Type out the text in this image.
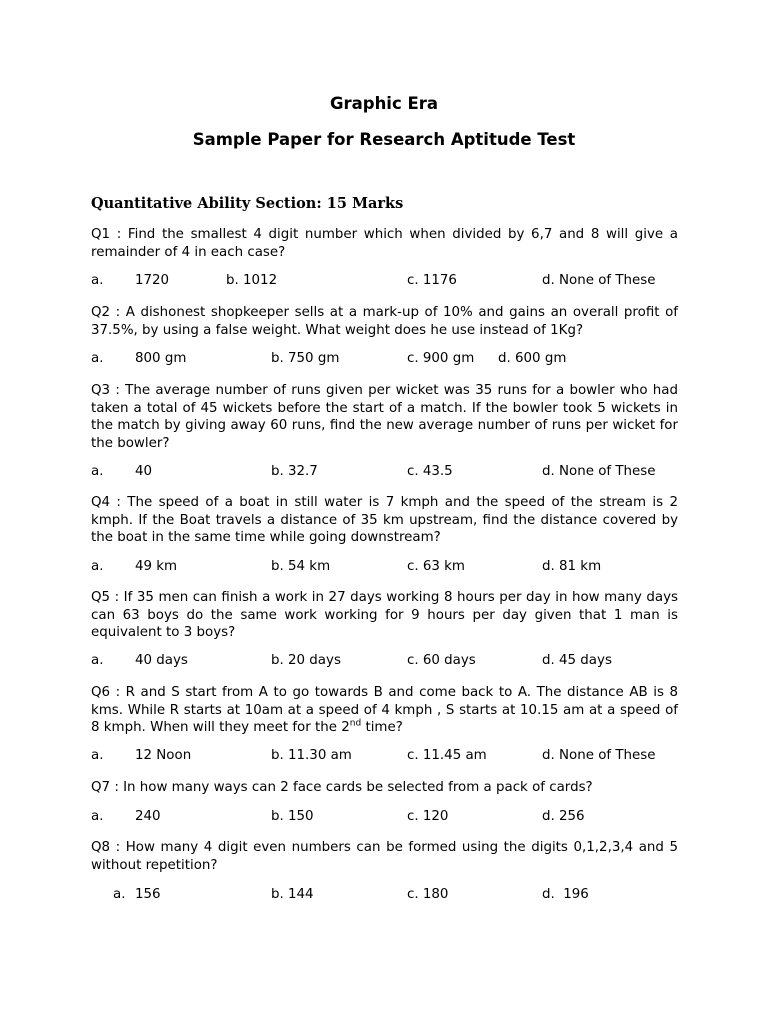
Graphic Era
Sample Paper for Research Aptitude Test
Quantitative Ability Section: 15 Marks
Q1 : Find the smallest 4 digit number which when divided by 6,7 and 8 will give a remainder of 4 in each case?
a. 1720	b. 1012	c. 1176	d. None of These
Q2 : A dishonest shopkeeper sells at a mark-up of 10% and gains an overall profit of 37.5%, by using a false weight. What weight does he use instead of 1Kg?
a. 800 gm	b. 750 gm	c. 900 gm d. 600 gm
Q3 : The average number of runs given per wicket was 35 runs for a bowler who had taken a total of 45 wickets before the start of a match. If the bowler took 5 wickets in the match by giving away 60 runs, find the new average number of runs per wicket for the bowler?
a. 40	b. 32.7	c. 43.5	d. None of These
Q4 : The speed of a boat in still water is 7 kmph and the speed of the stream is 2 kmph. If the Boat travels a distance of 35 km upstream, find the distance covered by the boat in the same time while going downstream?
a. 49 km	b. 54 km	c. 63 km	d. 81 km
Q5 : If 35 men can finish a work in 27 days working 8 hours per day in how many days can 63 boys do the same work working for 9 hours per day given that 1 man is equivalent to 3 boys?
a. 40 days	b. 20 days	c. 60 days	d. 45 days
Q6 : R and S start from A to go towards B and come back to A. The distance AB is 8 kms. While R starts at 10am at a speed of 4 kmph , S starts at 10.15 am at a speed of 8 kmph. When will they meet for the 2nd time?
a. 12 Noon	b. 11.30 am	c. 11.45 am	d. None of These
Q7 : In how many ways can 2 face cards be selected from a pack of cards?
a. 240	b. 150	c. 120	d. 256
Q8 : How many 4 digit even numbers can be formed using the digits 0,1,2,3,4 and 5 without repetition?
a. 156	b. 144	c. 180	d.  196
